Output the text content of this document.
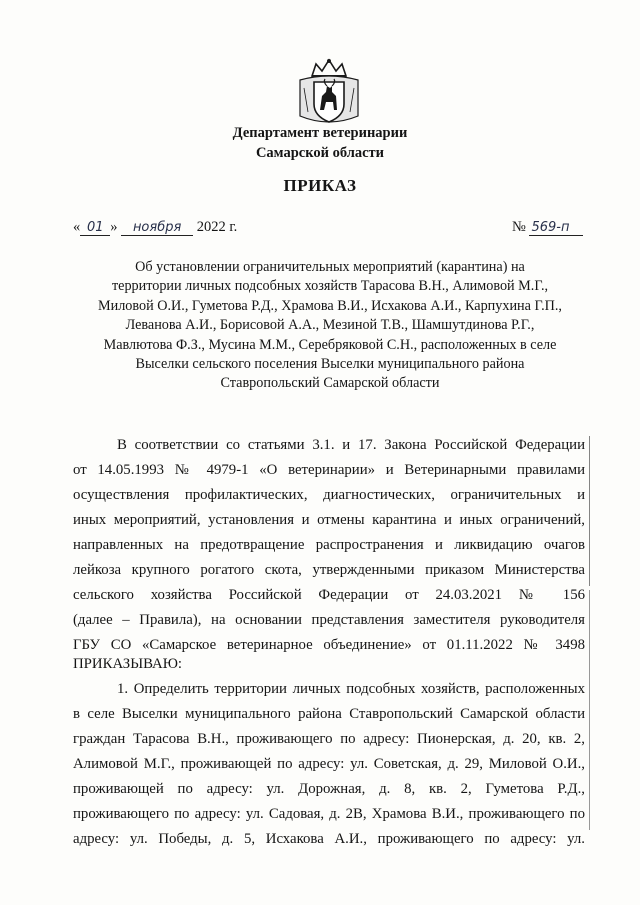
Департамент ветеринарии
Самарской области
ПРИКАЗ
« 01 » ноября 2022 г.	№ 569-п
Об установлении ограничительных мероприятий (карантина) на
территории личных подсобных хозяйств Тарасова В.Н., Алимовой М.Г.,
Миловой О.И., Гуметова Р.Д., Храмова В.И., Исхакова А.И., Карпухина Г.П.,
Леванова А.И., Борисовой А.А., Мезиной Т.В., Шамшутдинова Р.Г.,
Мавлютова Ф.З., Мусина М.М., Серебряковой С.Н., расположенных в селе
Выселки сельского поселения Выселки муниципального района
Ставропольский Самарской области
В соответствии со статьями 3.1. и 17. Закона Российской Федерации
от 14.05.1993 № 4979-1 «О ветеринарии» и Ветеринарными правилами
осуществления профилактических, диагностических, ограничительных и
иных мероприятий, установления и отмены карантина и иных ограничений,
направленных на предотвращение распространения и ликвидацию очагов
лейкоза крупного рогатого скота, утвержденными приказом Министерства
сельского хозяйства Российской Федерации от 24.03.2021 № 156
(далее – Правила), на основании представления заместителя руководителя
ГБУ СО «Самарское ветеринарное объединение» от 01.11.2022 № 3498
ПРИКАЗЫВАЮ:
1. Определить территории личных подсобных хозяйств, расположенных
в селе Выселки муниципального района Ставропольский Самарской области
граждан Тарасова В.Н., проживающего по адресу: Пионерская, д. 20, кв. 2,
Алимовой М.Г., проживающей по адресу: ул. Советская, д. 29, Миловой О.И.,
проживающей по адресу: ул. Дорожная, д. 8, кв. 2, Гуметова Р.Д.,
проживающего по адресу: ул. Садовая, д. 2В, Храмова В.И., проживающего по
адресу: ул. Победы, д. 5, Исхакова А.И., проживающего по адресу: ул.
